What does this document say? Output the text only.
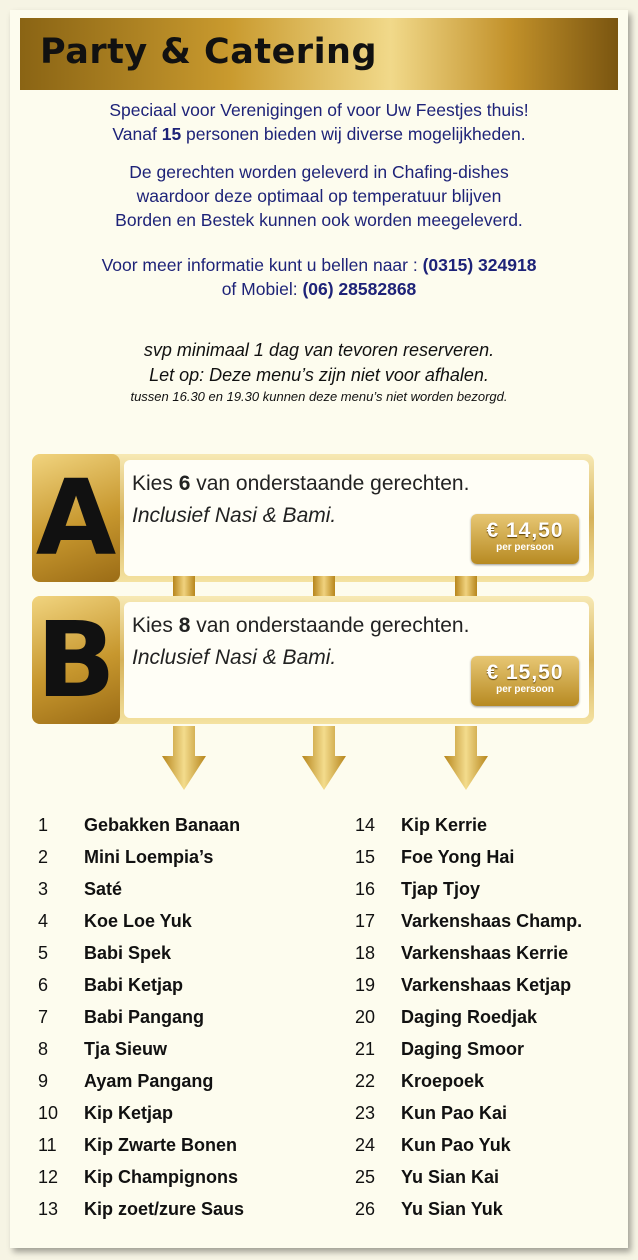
Party & Catering
Speciaal voor Verenigingen of voor Uw Feestjes thuis!
Vanaf 15 personen bieden wij diverse mogelijkheden.
De gerechten worden geleverd in Chafing-dishes
waardoor deze optimaal op temperatuur blijven
Borden en Bestek kunnen ook worden meegeleverd.
Voor meer informatie kunt u bellen naar : (0315) 324918
of Mobiel: (06) 28582868
svp minimaal 1 dag van tevoren reserveren.
Let op: Deze menu’s zijn niet voor afhalen.
tussen 16.30 en 19.30 kunnen deze menu’s niet worden bezorgd.
A Kies 6 van onderstaande gerechten.
Inclusief Nasi & Bami.
€ 14,50
per persoon
B Kies 8 van onderstaande gerechten.
Inclusief Nasi & Bami.
€ 15,50
per persoon
1 Gebakken Banaan
2 Mini Loempia’s
3 Saté
4 Koe Loe Yuk
5 Babi Spek
6 Babi Ketjap
7 Babi Pangang
8 Tja Sieuw
9 Ayam Pangang
10 Kip Ketjap
11 Kip Zwarte Bonen
12 Kip Champignons
13 Kip zoet/zure Saus
14 Kip Kerrie
15 Foe Yong Hai
16 Tjap Tjoy
17 Varkenshaas Champ.
18 Varkenshaas Kerrie
19 Varkenshaas Ketjap
20 Daging Roedjak
21 Daging Smoor
22 Kroepoek
23 Kun Pao Kai
24 Kun Pao Yuk
25 Yu Sian Kai
26 Yu Sian Yuk
